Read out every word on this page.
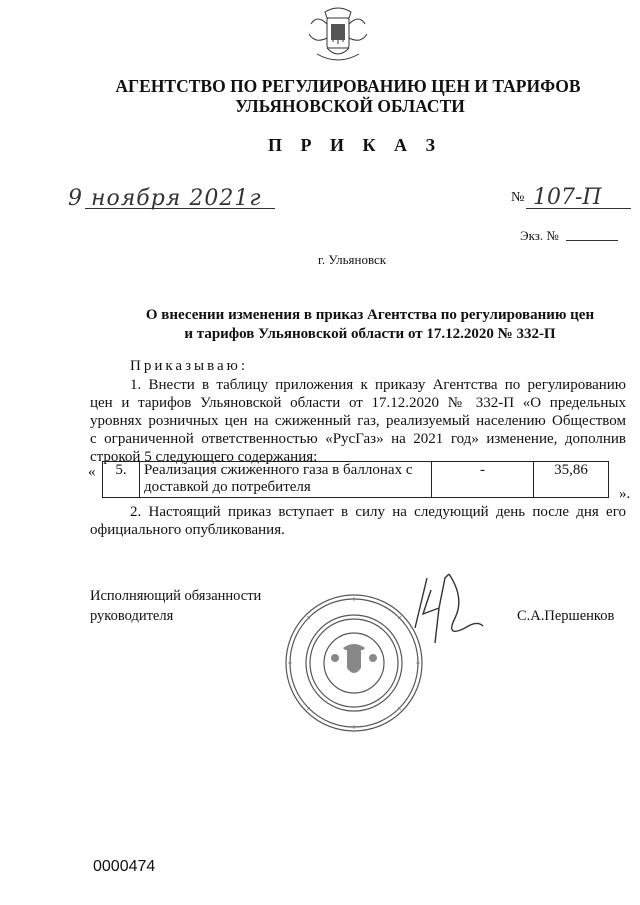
АГЕНТСТВО ПО РЕГУЛИРОВАНИЮ ЦЕН И ТАРИФОВ
УЛЬЯНОВСКОЙ ОБЛАСТИ
П Р И К А З
9 ноября 2021г	№ 107-П
Экз. №
г. Ульяновск
О внесении изменения в приказ Агентства по регулированию цен
и тарифов Ульяновской области от 17.12.2020 № 332-П
Приказываю:
1. Внести в таблицу приложения к приказу Агентства по регулированию
цен и тарифов Ульяновской области от 17.12.2020 № 332-П «О предельных
уровнях розничных цен на сжиженный газ, реализуемый населению Обществом
с ограниченной ответственностью «РусГаз» на 2021 год» изменение, дополнив
строкой 5 следующего содержания:
« 5.	Реализация сжиженного газа в баллонах с доставкой до потребителя	-	35,86
».
2. Настоящий приказ вступает в силу на следующий день после дня его
официального опубликования.
Исполняющий обязанности
руководителя	С.А.Першенков
0000474
